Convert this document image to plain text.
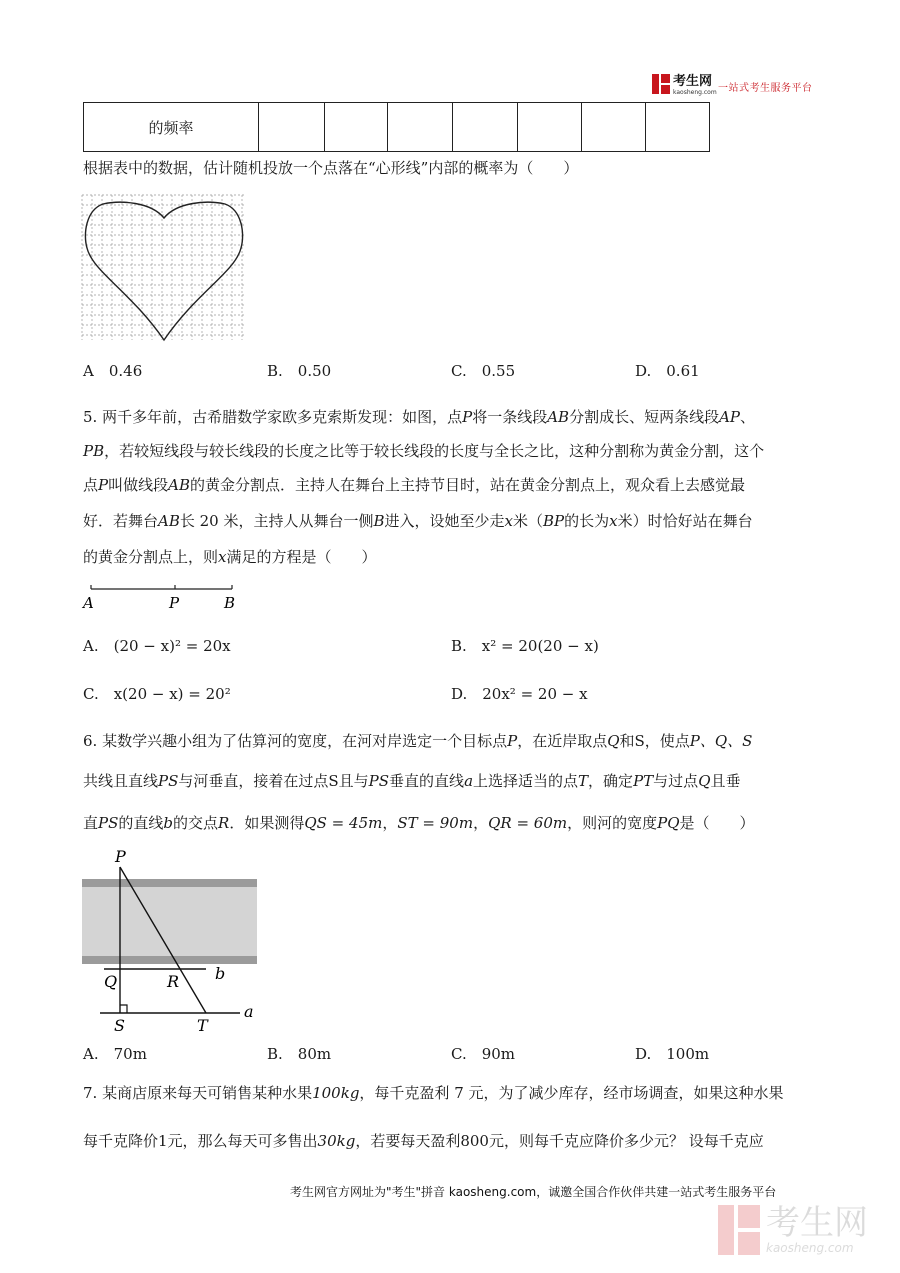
考生网
kaosheng.com 一站式考生服务平台
的频率							
根据表中的数据，估计随机投放一个点落在“心形线”内部的概率为（　　）
A　0.46	B.　0.50	C.　0.55	D.　0.61
5. 两千多年前，古希腊数学家欧多克索斯发现：如图，点P将一条线段AB分割成长、短两条线段AP、
PB，若较短线段与较长线段的长度之比等于较长线段的长度与全长之比，这种分割称为黄金分割，这个
点P叫做线段AB的黄金分割点．主持人在舞台上主持节目时，站在黄金分割点上，观众看上去感觉最
好．若舞台AB长 20 米，主持人从舞台一侧B进入，设她至少走x米（BP的长为x米）时恰好站在舞台
的黄金分割点上，则x满足的方程是（　　）
A	P	B
A.　(20 − x)² = 20x	B.　x² = 20(20 − x)
C.　x(20 − x) = 20²	D.　20x² = 20 − x
6. 某数学兴趣小组为了估算河的宽度，在河对岸选定一个目标点P，在近岸取点Q和S，使点P、Q、S
共线且直线PS与河垂直，接着在过点S且与PS垂直的直线a上选择适当的点T，确定PT与过点Q且垂
直PS的直线b的交点R．如果测得QS = 45m，ST = 90m，QR = 60m，则河的宽度PQ是（　　）
P
Q	R b
S	T
a
A.　70m	B.　80m	C.　90m	D.　100m
7. 某商店原来每天可销售某种水果100kg，每千克盈利 7 元，为了减少库存，经市场调查，如果这种水果
每千克降价1元，那么每天可多售出30kg，若要每天盈利800元，则每千克应降价多少元？ 设每千克应
考生网官方网址为"考生"拼音 kaosheng.com，诚邀全国合作伙伴共建一站式考生服务平台
考生网
kaosheng.com
